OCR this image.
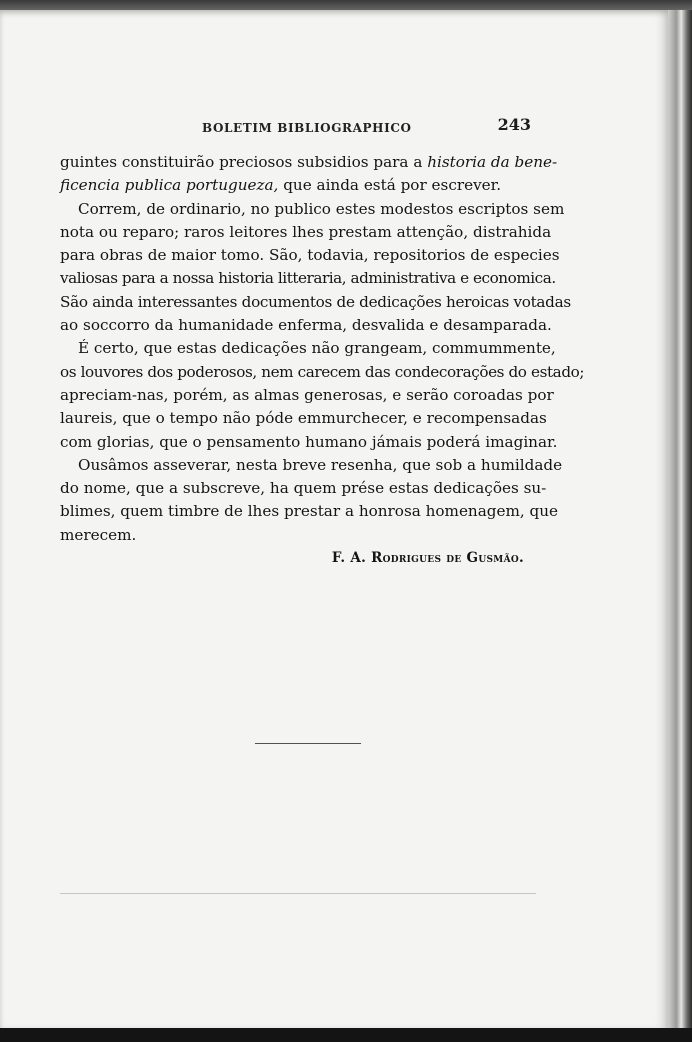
BOLETIM BIBLIOGRAPHICO	243
guintes constituirão preciosos subsidios para a historia da bene-
ficencia publica portugueza, que ainda está por escrever.
Correm, de ordinario, no publico estes modestos escriptos sem
nota ou reparo; raros leitores lhes prestam attenção, distrahida
para obras de maior tomo. São, todavia, repositorios de especies
valiosas para a nossa historia litteraria, administrativa e economica.
São ainda interessantes documentos de dedicações heroicas votadas
ao soccorro da humanidade enferma, desvalida e desamparada.
É certo, que estas dedicações não grangeam, commummente,
os louvores dos poderosos, nem carecem das condecorações do estado;
apreciam-nas, porém, as almas generosas, e serão coroadas por
laureis, que o tempo não póde emmurchecer, e recompensadas
com glorias, que o pensamento humano jámais poderá imaginar.
Ousâmos asseverar, nesta breve resenha, que sob a humildade
do nome, que a subscreve, ha quem prése estas dedicações su-
blimes, quem timbre de lhes prestar a honrosa homenagem, que
merecem.
F. A. Rodrigues de Gusmão.
